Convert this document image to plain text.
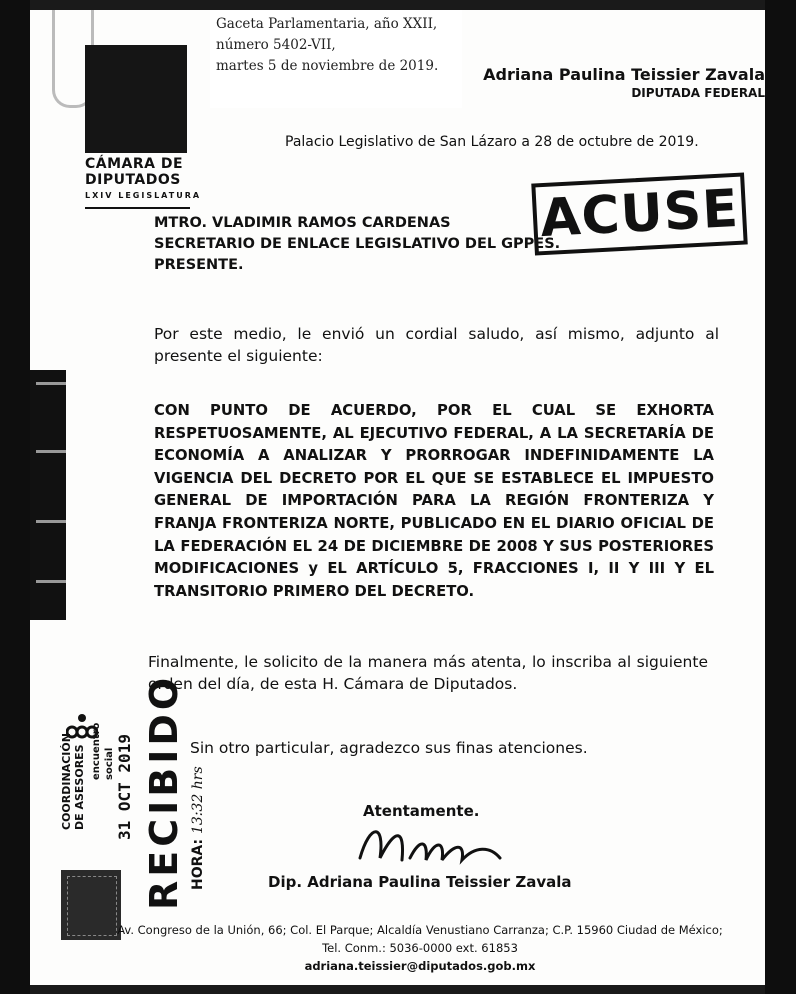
Gaceta Parlamentaria, año XXII,
número 5402-VII,
martes 5 de noviembre de 2019.
CÁMARA DE
DIPUTADOS
LXIV LEGISLATURA
Adriana Paulina Teissier Zavala
DIPUTADA FEDERAL
Palacio Legislativo de San Lázaro a 28 de octubre de 2019.
ACUSE
MTRO. VLADIMIR RAMOS CARDENAS
SECRETARIO DE ENLACE LEGISLATIVO DEL GPPES.
PRESENTE.
Por este medio, le envió un cordial saludo, así mismo, adjunto al presente el siguiente:
CON PUNTO DE ACUERDO, POR EL CUAL SE EXHORTA RESPETUOSAMENTE, AL EJECUTIVO FEDERAL, A LA SECRETARÍA DE ECONOMÍA A ANALIZAR Y PRORROGAR INDEFINIDAMENTE LA VIGENCIA DEL DECRETO POR EL QUE SE ESTABLECE EL IMPUESTO GENERAL DE IMPORTACIÓN PARA LA REGIÓN FRONTERIZA Y FRANJA FRONTERIZA NORTE, PUBLICADO EN EL DIARIO OFICIAL DE LA FEDERACIÓN EL 24 DE DICIEMBRE DE 2008 Y SUS POSTERIORES MODIFICACIONES y EL ARTÍCULO 5, FRACCIONES I, II Y III Y EL TRANSITORIO PRIMERO DEL DECRETO.
Finalmente, le solicito de la manera más atenta, lo inscriba al siguiente orden del día, de esta H. Cámara de Diputados.
Sin otro particular, agradezco sus finas atenciones.
COORDINACIÓN DE ASESORES encuentro social 31 OCT 2019 RECIBIDO HORA: 13:32 hrs	Atentamente.
Dip. Adriana Paulina Teissier Zavala
Av. Congreso de la Unión, 66; Col. El Parque; Alcaldía Venustiano Carranza; C.P. 15960 Ciudad de México;
Tel. Conm.: 5036-0000 ext. 61853
adriana.teissier@diputados.gob.mx
